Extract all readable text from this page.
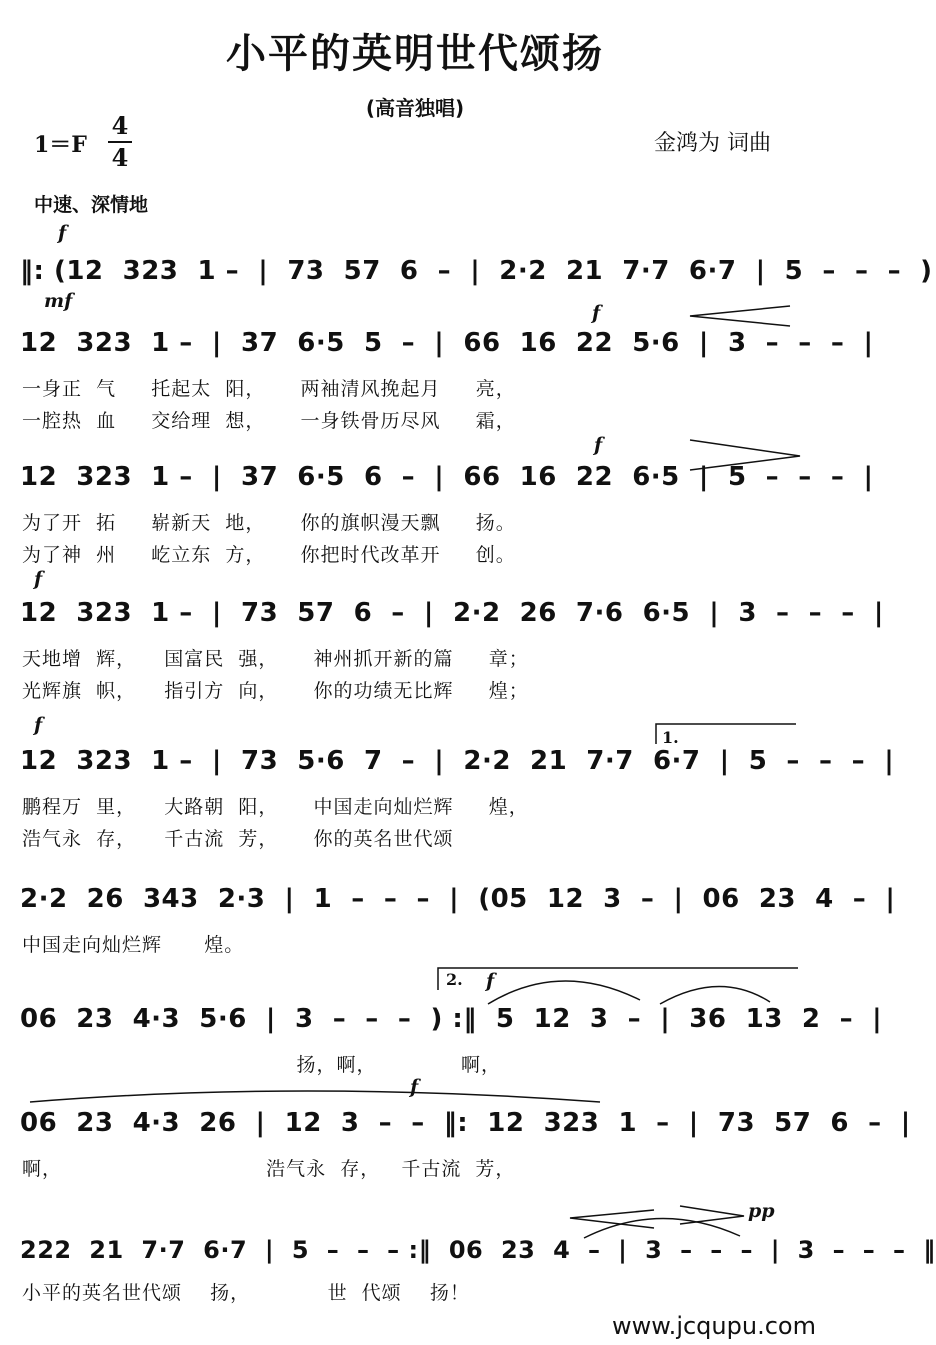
小平的英明世代颂扬
(高音独唱)
1＝F
4
4	金鸿为 词曲
中速、深情地
f
mf
f
f
f
f
f
f
pp
1.
2.
‖: (12  323  1 –  |  73  57  6  –  |  2·2  21  7·7  6·7  |  5  –  –  –  )
12  323  1 –  |  37  6·5  5  –  |  66  16  22  5·6  |  3  –  –  –  |
一身正  气     托起太  阳，     两袖清风挽起月     亮，
一腔热  血     交给理  想，     一身铁骨历尽风     霜，
12  323  1 –  |  37  6·5  6  –  |  66  16  22  6·5  |  5  –  –  –  |
为了开  拓     崭新天  地，     你的旗帜漫天飘     扬。
为了神  州     屹立东  方，     你把时代改革开     创。
12  323  1 –  |  73  57  6  –  |  2·2  26  7·6  6·5  |  3  –  –  –  |
天地增  辉，    国富民  强，     神州抓开新的篇     章；
光辉旗  帜，    指引方  向，     你的功绩无比辉     煌；
12  323  1 –  |  73  5·6  7  –  |  2·2  21  7·7  6·7  |  5  –  –  –  |
鹏程万  里，    大路朝  阳，     中国走向灿烂辉     煌，
浩气永  存，    千古流  芳，     你的英名世代颂
2·2  26  343  2·3  |  1  –  –  –  |  (05  12  3  –  |  06  23  4  –  |
中国走向灿烂辉      煌。
06  23  4·3  5·6  |  3  –  –  –  ) :‖  5  12  3  –  |  36  13  2  –  |
扬，啊，            啊，
06  23  4·3  26  |  12  3  –  –  ‖:  12  323  1  –  |  73  57  6  –  |
啊，                             浩气永  存，   千古流  芳，
222  21  7·7  6·7  |  5  –  –  – :‖  06  23  4  –  |  3  –  –  –  |  3  –  –  –  ‖
小平的英名世代颂    扬，           世  代颂    扬！
www.jcqupu.com
